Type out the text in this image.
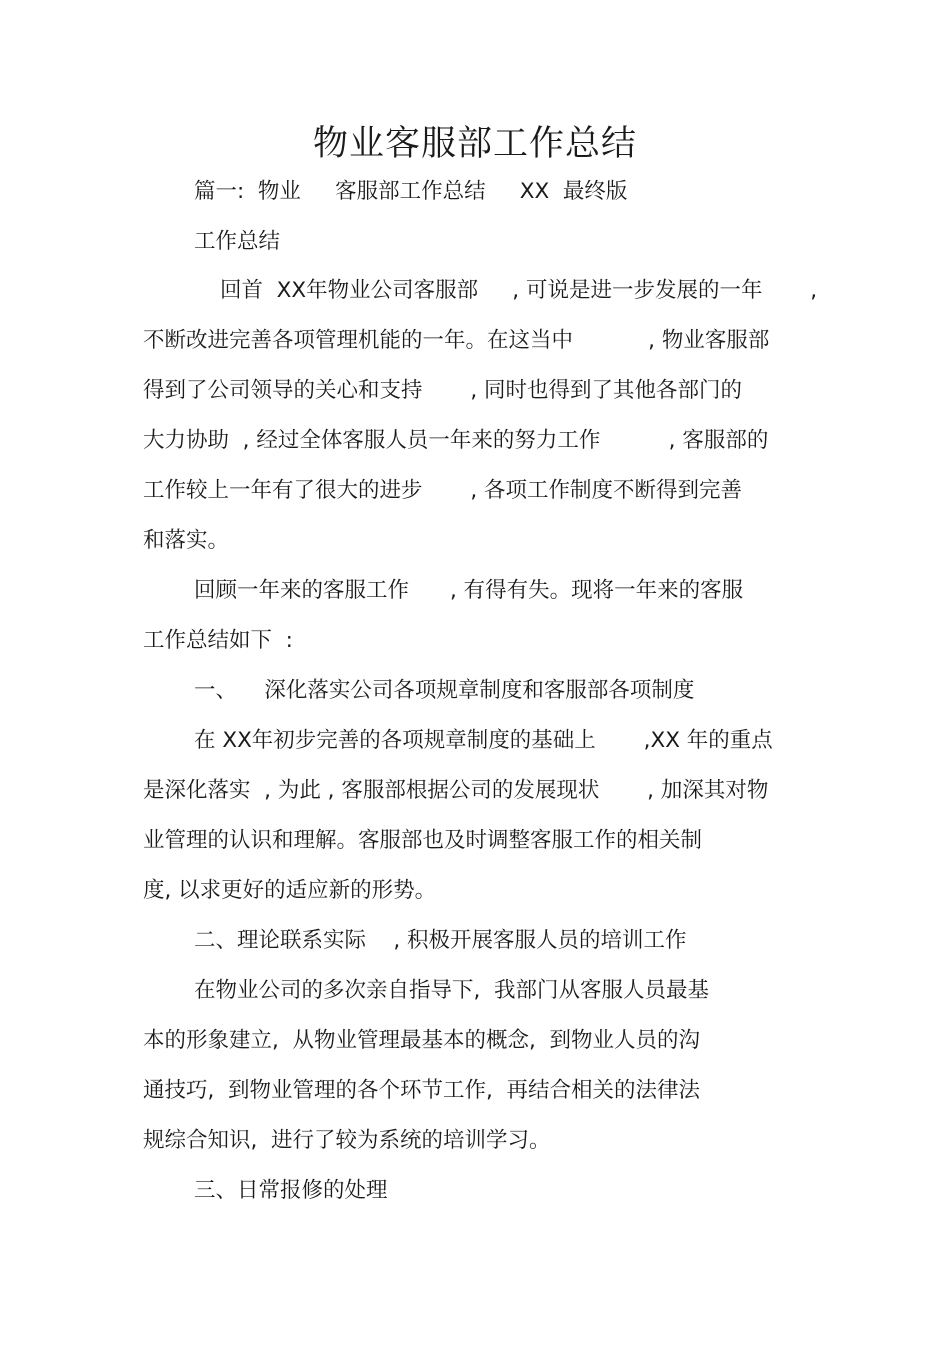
物业客服部工作总结
篇一:  物业     客服部工作总结     XX  最终版
工作总结
回首  XX年物业公司客服部     , 可说是进一步发展的一年       ,
不断改进完善各项管理机能的一年。在这当中           , 物业客服部
得到了公司领导的关心和支持       , 同时也得到了其他各部门的
大力协助  , 经过全体客服人员一年来的努力工作          , 客服部的
工作较上一年有了很大的进步       , 各项工作制度不断得到完善
和落实。
回顾一年来的客服工作      , 有得有失。现将一年来的客服
工作总结如下  :
一、    深化落实公司各项规章制度和客服部各项制度
在 XX年初步完善的各项规章制度的基础上       ,XX 年的重点
是深化落实  , 为此 , 客服部根据公司的发展现状       , 加深其对物
业管理的认识和理解。客服部也及时调整客服工作的相关制
度, 以求更好的适应新的形势。
二、理论联系实际    , 积极开展客服人员的培训工作
在物业公司的多次亲自指导下,  我部门从客服人员最基
本的形象建立,  从物业管理最基本的概念,  到物业人员的沟
通技巧,  到物业管理的各个环节工作,  再结合相关的法律法
规综合知识,  进行了较为系统的培训学习。
三、日常报修的处理
